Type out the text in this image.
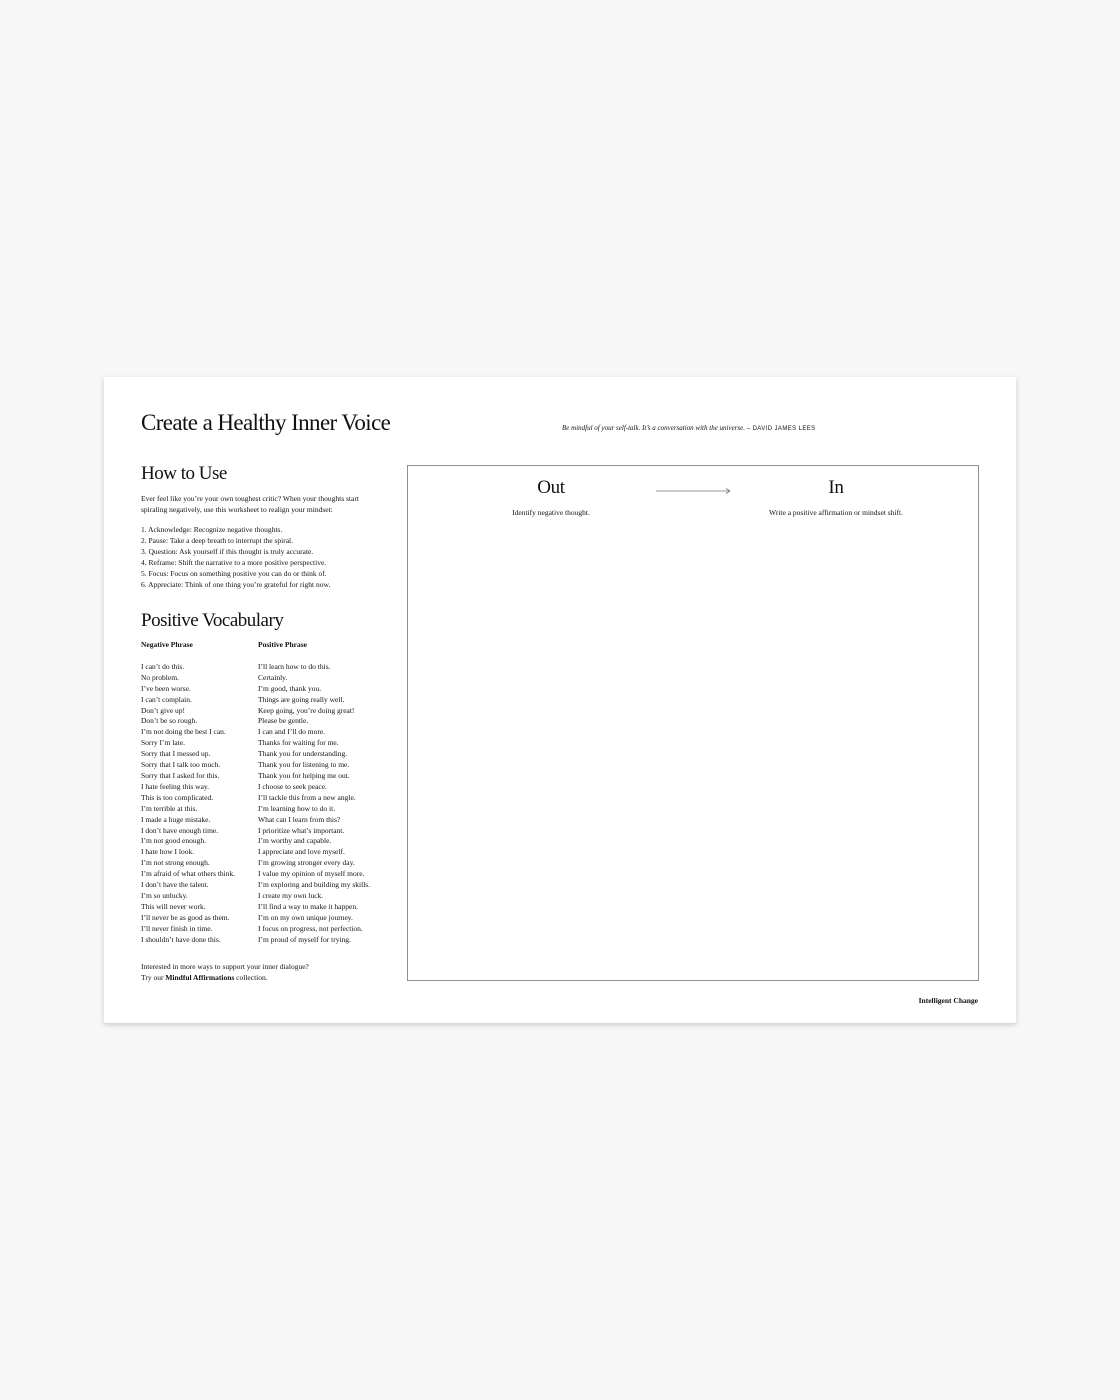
Create a Healthy Inner Voice	Be mindful of your self-talk. It’s a conversation with the universe. – DAVID JAMES LEES
How to Use
Ever feel like you’re your own toughest critic? When your thoughts start spiraling negatively, use this worksheet to realign your mindset:
1. Acknowledge: Recognize negative thoughts.
2. Pause: Take a deep breath to interrupt the spiral.
3. Question: Ask yourself if this thought is truly accurate.
4. Reframe: Shift the narrative to a more positive perspective.
5. Focus: Focus on something positive you can do or think of.
6. Appreciate: Think of one thing you’re grateful for right now.
Positive Vocabulary
Negative Phrase
I can’t do this.
No problem.
I’ve been worse.
I can’t complain.
Don’t give up!
Don’t be so rough.
I’m not doing the best I can.
Sorry I’m late.
Sorry that I messed up.
Sorry that I talk too much.
Sorry that I asked for this.
I hate feeling this way.
This is too complicated.
I’m terrible at this.
I made a huge mistake.
I don’t have enough time.
I’m not good enough.
I hate how I look.
I’m not strong enough.
I’m afraid of what others think.
I don’t have the talent.
I’m so unlucky.
This will never work.
I’ll never be as good as them.
I’ll never finish in time.
I shouldn’t have done this.
Positive Phrase
I’ll learn how to do this.
Certainly.
I’m good, thank you.
Things are going really well.
Keep going, you’re doing great!
Please be gentle.
I can and I’ll do more.
Thanks for waiting for me.
Thank you for understanding.
Thank you for listening to me.
Thank you for helping me out.
I choose to seek peace.
I’ll tackle this from a new angle.
I’m learning how to do it.
What can I learn from this?
I prioritize what’s important.
I’m worthy and capable.
I appreciate and love myself.
I’m growing stronger every day.
I value my opinion of myself more.
I’m exploring and building my skills.
I create my own luck.
I’ll find a way to make it happen.
I’m on my own unique journey.
I focus on progress, not perfection.
I’m proud of myself for trying.
Interested in more ways to support your inner dialogue?
Try our Mindful Affirmations collection.
Out
Identify negative thought.
In
Write a positive affirmation or mindset shift.
Intelligent Change
